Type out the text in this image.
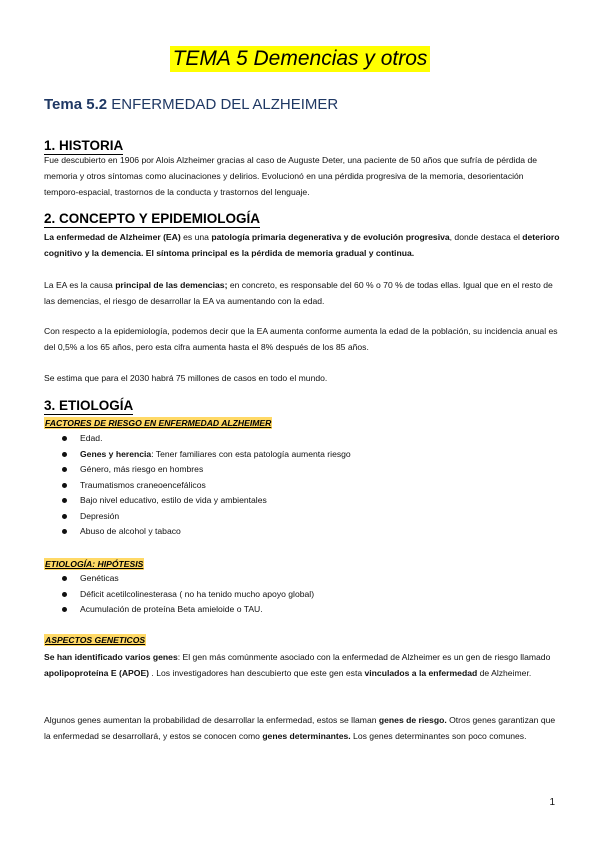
TEMA 5 Demencias y otros
Tema 5.2 ENFERMEDAD DEL ALZHEIMER
1. HISTORIA
Fue descubierto en 1906 por Alois Alzheimer gracias al caso de Auguste Deter, una paciente de 50 años que sufría de pérdida de memoria y otros síntomas como alucinaciones y delirios. Evolucionó en una pérdida progresiva de la memoria, desorientación temporo-espacial, trastornos de la conducta y trastornos del lenguaje.
2. CONCEPTO Y EPIDEMIOLOGÍA
La enfermedad de Alzheimer (EA) es una patología primaria degenerativa y de evolución progresiva, donde destaca el deterioro cognitivo y la demencia. El síntoma principal es la pérdida de memoria gradual y continua.
La EA es la causa principal de las demencias; en concreto, es responsable del 60 % o 70 % de todas ellas. Igual que en el resto de las demencias, el riesgo de desarrollar la EA va aumentando con la edad.
Con respecto a la epidemiología, podemos decir que la EA aumenta conforme aumenta la edad de la población, su incidencia anual es del 0,5% a los 65 años, pero esta cifra aumenta hasta el 8% después de los 85 años.
Se estima que para el 2030 habrá 75 millones de casos en todo el mundo.
3. ETIOLOGÍA
FACTORES DE RIESGO EN ENFERMEDAD ALZHEIMER
Edad.
Genes y herencia: Tener familiares con esta patología aumenta riesgo
Género, más riesgo en hombres
Traumatismos craneoencefálicos
Bajo nivel educativo, estilo de vida y ambientales
Depresión
Abuso de alcohol y tabaco
ETIOLOGÍA: HIPÓTESIS
Genéticas
Déficit acetilcolinesterasa ( no ha tenido mucho apoyo global)
Acumulación de proteína Beta amieloide o TAU.
ASPECTOS GENETICOS
Se han identificado varios genes: El gen más comúnmente asociado con la enfermedad de Alzheimer es un gen de riesgo llamado apolipoproteína E (APOE) . Los investigadores han descubierto que este gen esta vinculados a la enfermedad de Alzheimer.
Algunos genes aumentan la probabilidad de desarrollar la enfermedad, estos se llaman genes de riesgo. Otros genes garantizan que la enfermedad se desarrollará, y estos se conocen como genes determinantes. Los genes determinantes son poco comunes.
1
